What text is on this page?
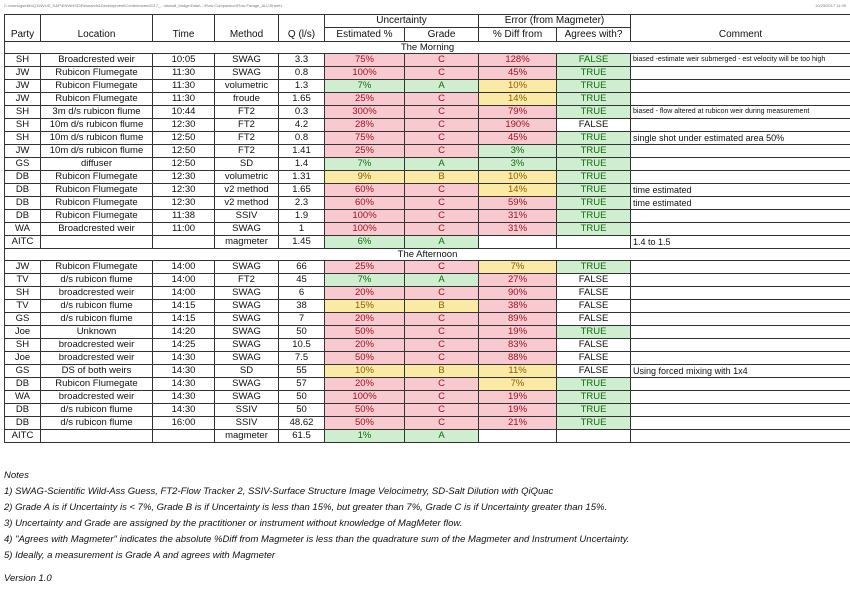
C:\users\gsmith\Q1\NVUS_S&P\EN\NHSD\Research&Development\Conferences\2017_...\dsmall_bridge\Data\...\Flow Comparison\Flow Forage_ALL\Sheet1	10/29/2017 11:39
					Uncertainty		Error (from Magmeter)		
Party	Location	Time	Method	Q (l/s)	Estimated %	Grade	% Diff from	Agrees with?	Comment
The Morning									
SH	Broadcrested weir	10:05	SWAG	3.3	75%	C	128%	FALSE	biased -estimate weir submerged - est velocity will be too high
JW	Rubicon Flumegate	11:30	SWAG	0.8	100%	C	45%	TRUE	
JW	Rubicon Flumegate	11:30	volumetric	1.3	7%	A	10%	TRUE	
JW	Rubicon Flumegate	11:30	froude	1.65	25%	C	14%	TRUE	
SH	3m d/s rubicon flume	10:44	FT2	0.3	300%	C	79%	TRUE	biased - flow altered at rubicon weir during measurement
SH	10m d/s rubicon flume	12:30	FT2	4.2	28%	C	190%	FALSE	
SH	10m d/s rubicon flume	12:50	FT2	0.8	75%	C	45%	TRUE	single shot under estimated area 50%
JW	10m d/s rubicon flume	12:50	FT2	1.41	25%	C	3%	TRUE	
GS	diffuser	12:50	SD	1.4	7%	A	3%	TRUE	
DB	Rubicon Flumegate	12:30	volumetric	1.31	9%	B	10%	TRUE	
DB	Rubicon Flumegate	12:30	v2 method	1.65	60%	C	14%	TRUE	time estimated
DB	Rubicon Flumegate	12:30	v2 method	2.3	60%	C	59%	TRUE	time estimated
DB	Rubicon Flumegate	11:38	SSIV	1.9	100%	C	31%	TRUE	
WA	Broadcrested weir	11:00	SWAG	1	100%	C	31%	TRUE	
AITC			magmeter	1.45	6%	A			1.4 to 1.5
The Afternoon									
JW	Rubicon Flumegate	14:00	SWAG	66	25%	C	7%	TRUE	
TV	d/s rubicon flume	14:00	FT2	45	7%	A	27%	FALSE	
SH	broadcrested weir	14:00	SWAG	6	20%	C	90%	FALSE	
TV	d/s rubicon flume	14:15	SWAG	38	15%	B	38%	FALSE	
GS	d/s rubicon flume	14:15	SWAG	7	20%	C	89%	FALSE	
Joe	Unknown	14:20	SWAG	50	50%	C	19%	TRUE	
SH	broadcrested weir	14:25	SWAG	10.5	20%	C	83%	FALSE	
Joe	broadcrested weir	14:30	SWAG	7.5	50%	C	88%	FALSE	
GS	DS of both weirs	14:30	SD	55	10%	B	11%	FALSE	Using forced mixing with 1x4
DB	Rubicon Flumegate	14:30	SWAG	57	20%	C	7%	TRUE	
WA	broadcrested weir	14:30	SWAG	50	100%	C	19%	TRUE	
DB	d/s rubicon flume	14:30	SSIV	50	50%	C	19%	TRUE	
DB	d/s rubicon flume	16:00	SSIV	48.62	50%	C	21%	TRUE	
AITC			magmeter	61.5	1%	A			
Notes
1) SWAG-Scientific Wild-Ass Guess, FT2-Flow Tracker 2, SSIV-Surface Structure Image Velocimetry, SD-Salt Dilution with QiQuac
2) Grade A is if Uncertainty is < 7%, Grade B is if Uncertainty is less than 15%, but greater than 7%, Grade C is if Uncertainty greater than 15%.
3) Uncertainty and Grade are assigned by the practitioner or instrument without knowledge of MagMeter flow.
4) "Agrees with Magmeter" indicates the absolute %Diff from Magmeter is less than the quadrature sum of the Magmeter and Instrument Uncertainty.
5) Ideally, a measurement is Grade A and agrees with Magmeter
Version 1.0
